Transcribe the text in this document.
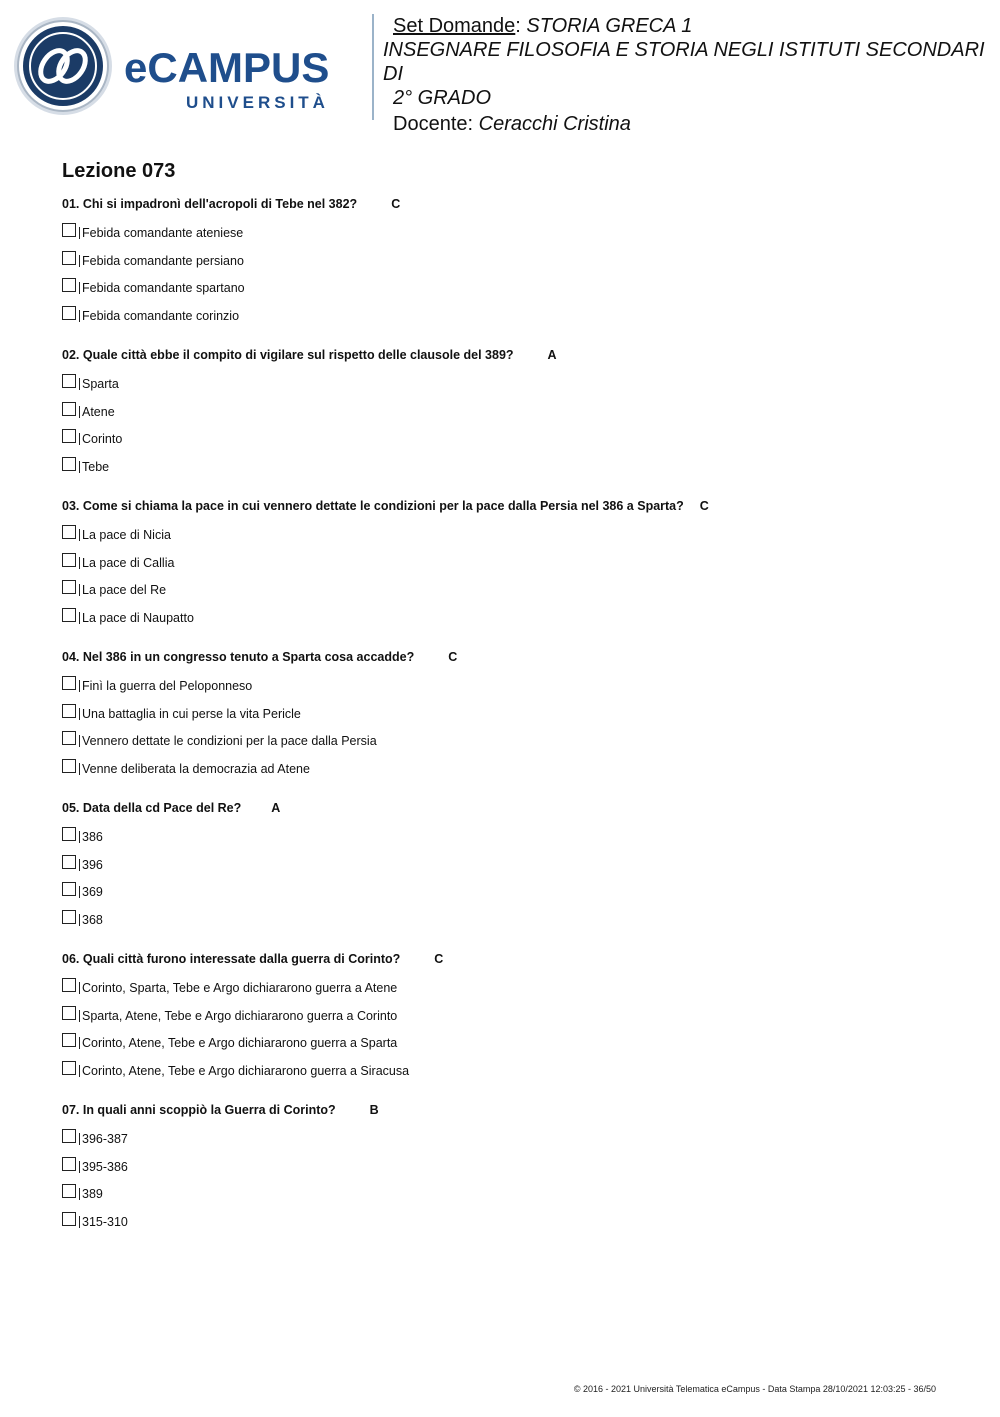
eCAMPUS
UNIVERSITÀ
Set Domande: STORIA GRECA 1
INSEGNARE FILOSOFIA E STORIA NEGLI ISTITUTI SECONDARI DI
2° GRADO
Docente: Ceracchi Cristina
Lezione 073
01. Chi si impadronì dell'acropoli di Tebe nel 382?	C
Febida comandante ateniese
Febida comandante persiano
Febida comandante spartano
Febida comandante corinzio
02. Quale città ebbe il compito di vigilare sul rispetto delle clausole del 389?	A
Sparta
Atene
Corinto
Tebe
03. Come si chiama la pace in cui vennero dettate le condizioni per la pace dalla Persia nel 386 a Sparta? C
La pace di Nicia
La pace di Callia
La pace del Re
La pace di Naupatto
04. Nel 386 in un congresso tenuto a Sparta cosa accadde?	C
Finì la guerra del Peloponneso
Una battaglia in cui perse la vita Pericle
Vennero dettate le condizioni per la pace dalla Persia
Venne deliberata la democrazia ad Atene
05. Data della cd Pace del Re? A
386
396
369
368
06. Quali città furono interessate dalla guerra di Corinto?	C
Corinto, Sparta, Tebe e Argo dichiararono guerra a Atene
Sparta, Atene, Tebe e Argo dichiararono guerra a Corinto
Corinto, Atene, Tebe e Argo dichiararono guerra a Sparta
Corinto, Atene, Tebe e Argo dichiararono guerra a Siracusa
07. In quali anni scoppiò la Guerra di Corinto?	B
396-387
395-386
389
315-310
© 2016 - 2021 Università Telematica eCampus - Data Stampa 28/10/2021 12:03:25 - 36/50
